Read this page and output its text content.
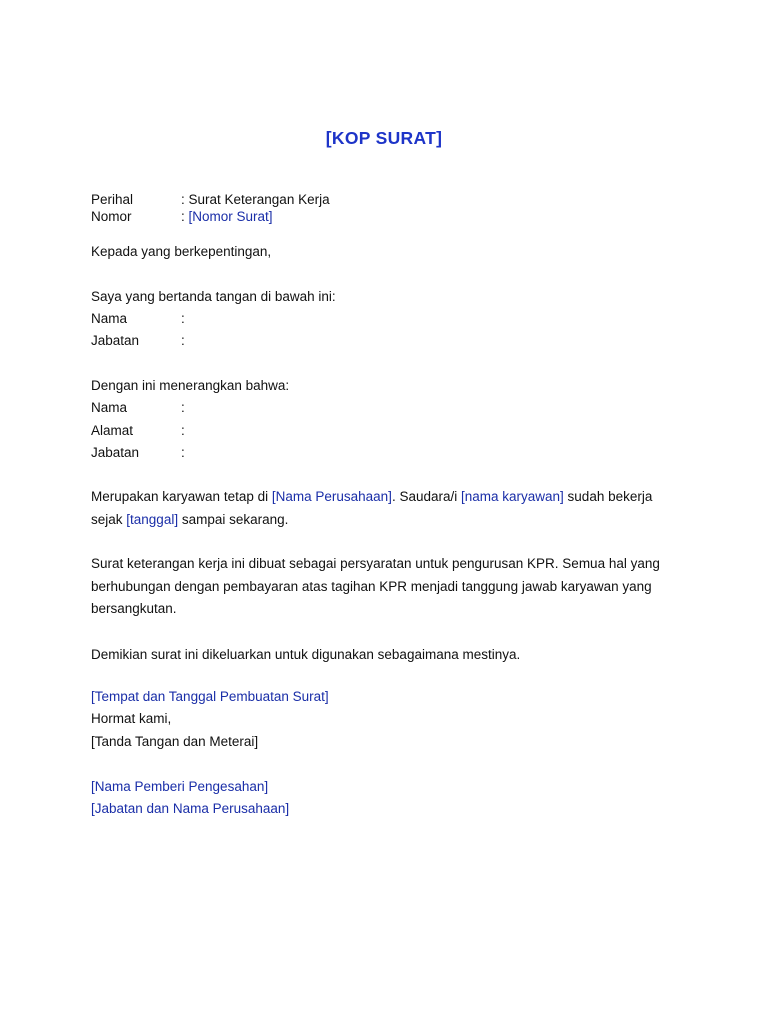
[KOP SURAT]
Perihal	: Surat Keterangan Kerja
Nomor	: [Nomor Surat]
Kepada yang berkepentingan,
Saya yang bertanda tangan di bawah ini:
Nama	:
Jabatan	:
Dengan ini menerangkan bahwa:
Nama	:
Alamat	:
Jabatan	:
Merupakan karyawan tetap di [Nama Perusahaan]. Saudara/i [nama karyawan] sudah bekerja sejak [tanggal] sampai sekarang.
Surat keterangan kerja ini dibuat sebagai persyaratan untuk pengurusan KPR. Semua hal yang berhubungan dengan pembayaran atas tagihan KPR menjadi tanggung jawab karyawan yang bersangkutan.
Demikian surat ini dikeluarkan untuk digunakan sebagaimana mestinya.
[Tempat dan Tanggal Pembuatan Surat]
Hormat kami,
[Tanda Tangan dan Meterai]
[Nama Pemberi Pengesahan]
[Jabatan dan Nama Perusahaan]
